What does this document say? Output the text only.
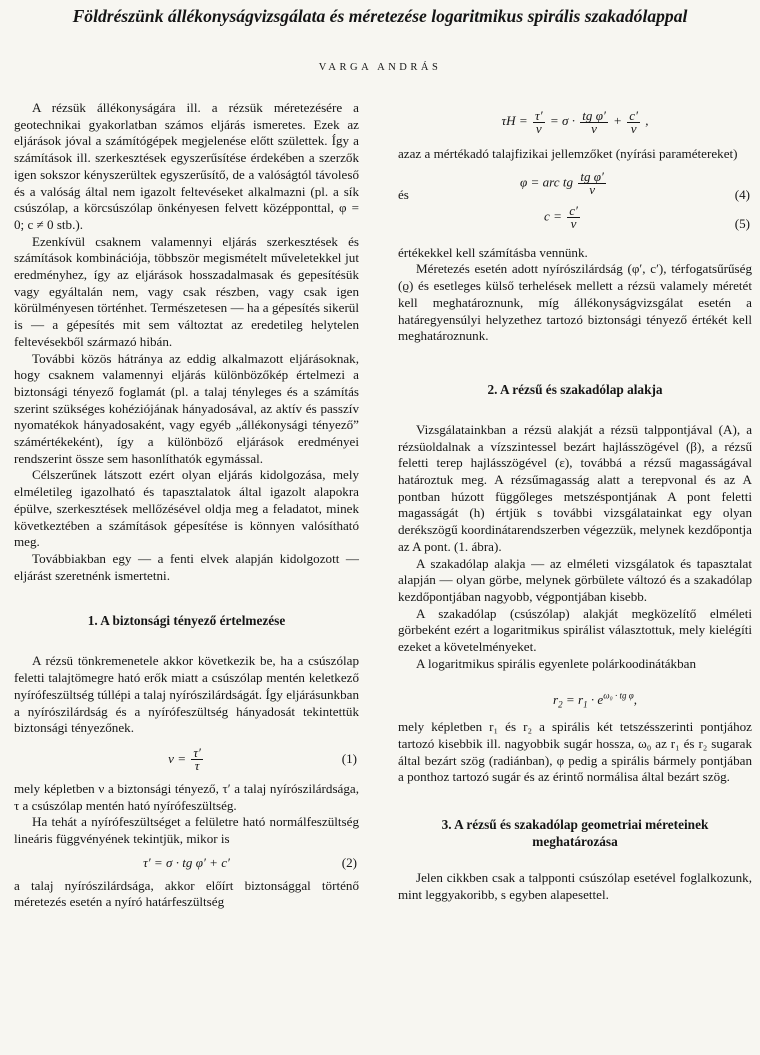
Földrészünk állékonyságvizsgálata és méretezése logaritmikus spirális szakadólappal
VARGA ANDRÁS

A rézsük állékonyságára ill. a rézsük méretezésére a geotechnikai gyakorlatban számos eljárás ismeretes. Ezek az eljárások jóval a számítógépek megjelenése előtt születtek. Így a számítások ill. szerkesztések egyszerűsítése érdekében a szerzők igen sokszor kényszerültek egyszerűsítő, de a valóságtól távoleső és a valóság által nem igazolt feltevéseket alkalmazni (pl. a sík csúszólap, a körcsúszólap önkényesen felvett középponttal, φ = 0; c ≠ 0 stb.).

Ezenkívül csaknem valamennyi eljárás szerkesztések és számítások kombinációja, többször megismételt műveletekkel jut eredményhez, így az eljárások hosszadalmasak és gepesítésük vagy egyáltalán nem, vagy csak részben, vagy csak igen körülményesen történhet. Természetesen — ha a gépesítés sikerül is — a gépesítés mit sem változtat az eredetileg helytelen feltevésekből származó hibán.

További közös hátránya az eddig alkalmazott eljárásoknak, hogy csaknem valamennyi eljárás különbözőkép értelmezi a biztonsági tényező foglamát (pl. a talaj tényleges és a számítás szerint szükséges kohéziójának hányadosával, az aktív és passzív nyomatékok hányadosaként, vagy egyéb „állékonysági tényező” számértékeként), így a különböző eljárások eredményei rendszerint össze sem hasonlíthatók egymással.

Célszerűnek látszott ezért olyan eljárás kidolgozása, mely elméletileg igazolható és tapasztalatok által igazolt alapokra épülve, szerkesztések mellőzésével oldja meg a feladatot, minek következtében a számítások gépesítése is könnyen valósítható meg.

Továbbiakban egy — a fenti elvek alapján kidolgozott — eljárást szeretnénk ismertetni.

1. A biztonsági tényező értelmezése

A rézsü tönkremenetele akkor következik be, ha a csúszólap feletti talajtömegre ható erők miatt a csúszólap mentén keletkező nyírófeszültség túllépi a talaj nyírószilárdságát. Így eljárásunkban a nyírószilárdság és a nyírófeszültség hányadosát tekintettük biztonsági tényezőnek.

$\nu = \frac{\tau'}{\tau}$	(1)

mely képletben ν a biztonsági tényező, τ′ a talaj nyírószilárdsága, τ a csúszólap mentén ható nyírófeszültség.

Ha tehát a nyírófeszültséget a felületre ható normálfeszültség lineáris függvényének tekintjük, mikor is

τ′ = σ · tg φ′ + c′	(2)

a talaj nyírószilárdsága, akkor előírt biztonsággal történő méretezés esetén a nyíró határfeszültség

$\tau H = \frac{\tau'}{\nu} = \sigma \cdot \frac{\text{tg φ′}}{\nu} + \frac{c'}{\nu}$ ,

azaz a mértékadó talajfizikai jellemzőket (nyírási paramétereket)

és
φ = arc tg $\frac{\text{tg φ′}}{\nu}$	(4)
$c = \frac{c'}{\nu}$	(5)

értékekkel kell számításba vennünk.

Méretezés esetén adott nyírószilárdság (φ′, c′), térfogatsűrűség (ϱ) és esetleges külső terhelések mellett a rézsü valamely méretét kell meghatároznunk, míg állékonyságvizsgálat esetén a határegyensúlyi helyzethez tartozó biztonsági tényező értékét kell meghatároznunk.

2. A rézsű és szakadólap alakja

Vizsgálatainkban a rézsü alakját a rézsü talppontjával (A), a rézsüoldalnak a vízszintessel bezárt hajlásszögével (β), a rézsű feletti terep hajlásszögével (ε), továbbá a rézsű magasságával határoztuk meg. A rézsűmagasság alatt a terepvonal és az A pontban húzott függőleges metszéspontjának A pont feletti magasságát (h) értjük s további vizsgálatainkat egy olyan derékszögű koordinátarendszerben végezzük, melynek kezdőpontja az A pont. (1. ábra).

A szakadólap alakja — az elméleti vizsgálatok és tapasztalat alapján — olyan görbe, melynek görbülete változó és a szakadólap kezdőpontjában nagyobb, végpontjában kisebb.

A szakadólap (csúszólap) alakját megközelítő elméleti görbeként ezért a logaritmikus spirálist választottuk, mely kielégíti ezeket a követelményeket.

A logaritmikus spirális egyenlete polárkoodinátákban

$r_2 = r_1 \cdot e^{\omega_0 \cdot tg \varphi}$,

mely képletben r₁ és r₂ a spirális két tetszésszerinti pontjához tartozó kisebbik ill. nagyobbik sugár hossza, ω₀ az r₁ és r₂ sugarak által bezárt szög (radiánban), φ pedig a spirális bármely pontjában a ponthoz tartozó sugár és az érintő normálisa által bezárt szög.

3. A rézsű és szakadólap geometriai méreteinek meghatározása

Jelen cikkben csak a talpponti csúszólap esetével foglalkozunk, mint leggyakoribb, s egyben alapesettel.
